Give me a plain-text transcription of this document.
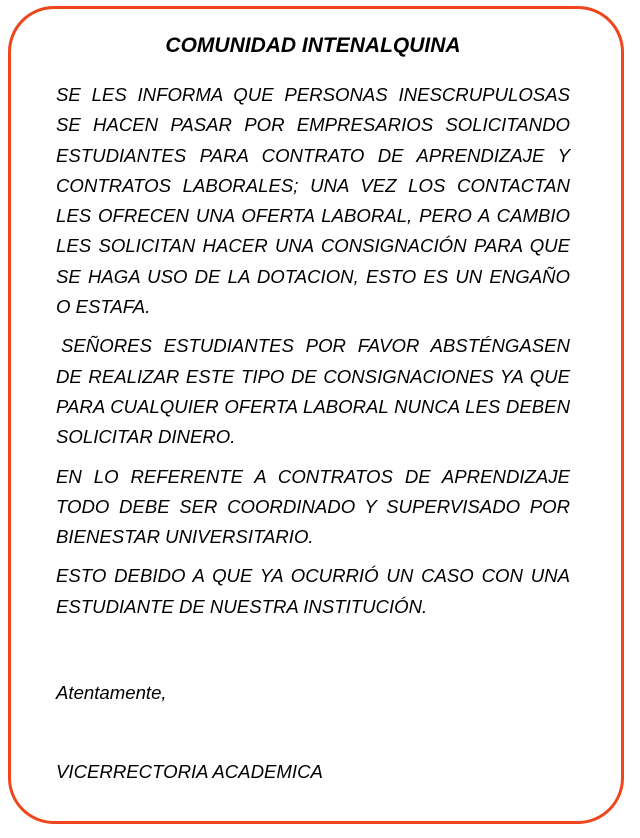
COMUNIDAD INTENALQUINA

SE LES INFORMA QUE PERSONAS INESCRUPULOSAS SE HACEN PASAR POR EMPRESARIOS SOLICITANDO ESTUDIANTES PARA CONTRATO DE APRENDIZAJE Y CONTRATOS LABORALES; UNA VEZ LOS CONTACTAN LES OFRECEN UNA OFERTA LABORAL, PERO A CAMBIO LES SOLICITAN HACER UNA CONSIGNACIÓN PARA QUE SE HAGA USO DE LA DOTACION, ESTO ES UN ENGAÑO O ESTAFA.

SEÑORES ESTUDIANTES POR FAVOR ABSTÉNGASEN DE REALIZAR ESTE TIPO DE CONSIGNACIONES YA QUE PARA CUALQUIER OFERTA LABORAL NUNCA LES DEBEN SOLICITAR DINERO.

EN LO REFERENTE A CONTRATOS DE APRENDIZAJE TODO DEBE SER COORDINADO Y SUPERVISADO POR BIENESTAR UNIVERSITARIO.

ESTO DEBIDO A QUE YA OCURRIÓ UN CASO CON UNA ESTUDIANTE DE NUESTRA INSTITUCIÓN.

Atentamente,

VICERRECTORIA ACADEMICA
